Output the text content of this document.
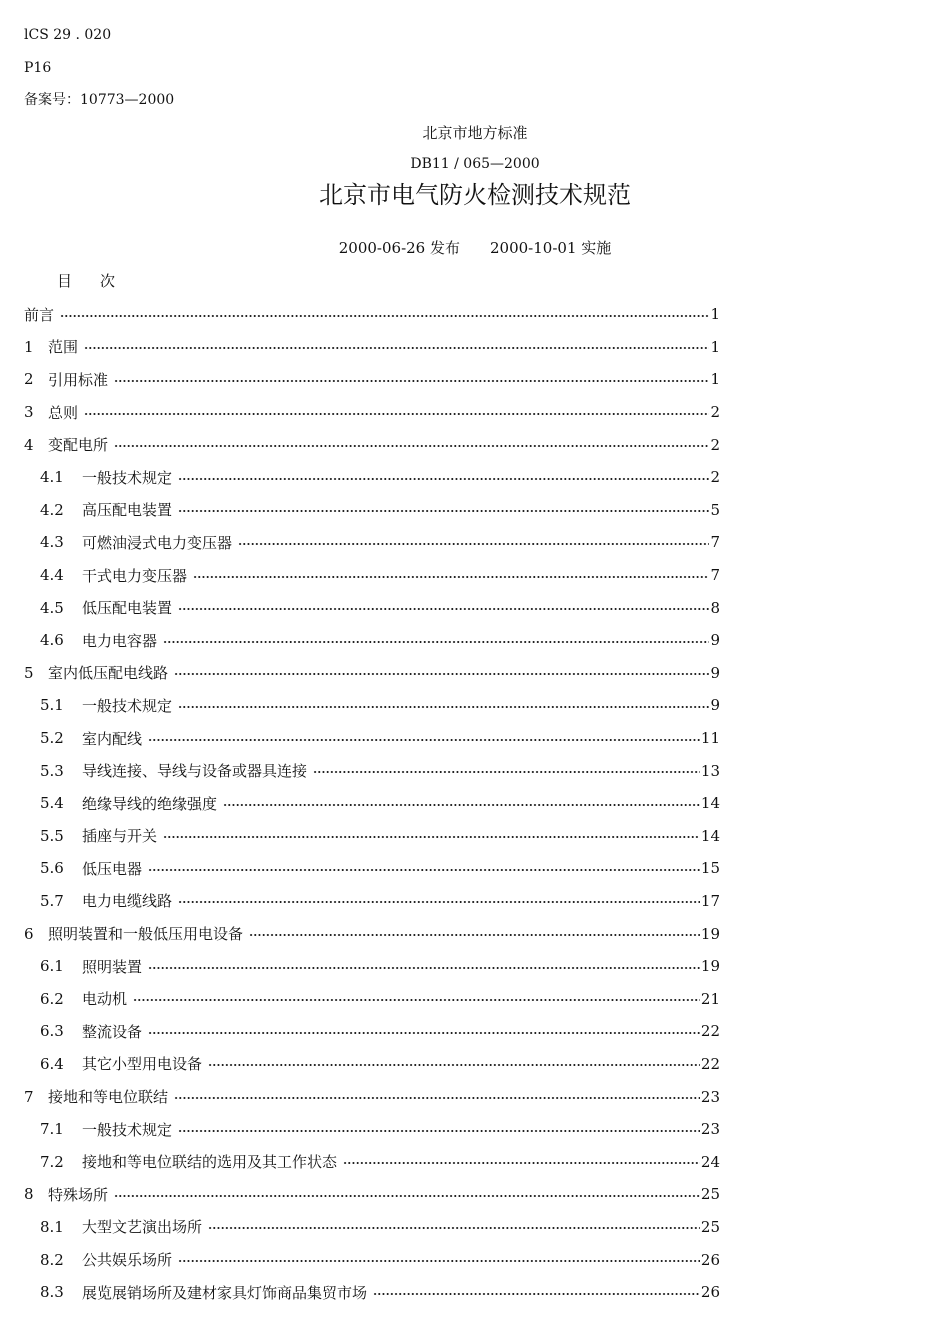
lCS 29 . 020
P16
备案号：10773—2000
北京市地方标准
DB11 / 065—2000
北京市电气防火检测技术规范
2000-06-26 发布 2000-10-01 实施
目 次
前言	1
1 范围	1
2 引用标准	1
3 总则	2
4 变配电所	2
4.1	一般技术规定	2
4.2	高压配电装置	5
4.3	可燃油浸式电力变压器	7
4.4	干式电力变压器	7
4.5	低压配电装置	8
4.6	电力电容器	9
5 室内低压配电线路	9
5.1	一般技术规定	9
5.2	室内配线	11
5.3	导线连接、导线与设备或器具连接	13
5.4	绝缘导线的绝缘强度	14
5.5	插座与开关	14
5.6	低压电器	15
5.7	电力电缆线路	17
6 照明装置和一般低压用电设备	19
6.1	照明装置	19
6.2	电动机	21
6.3	整流设备	22
6.4	其它小型用电设备	22
7 接地和等电位联结	23
7.1	一般技术规定	23
7.2	接地和等电位联结的选用及其工作状态	24
8 特殊场所	25
8.1	大型文艺演出场所	25
8.2	公共娱乐场所	26
8.3	展览展销场所及建材家具灯饰商品集贸市场	26
